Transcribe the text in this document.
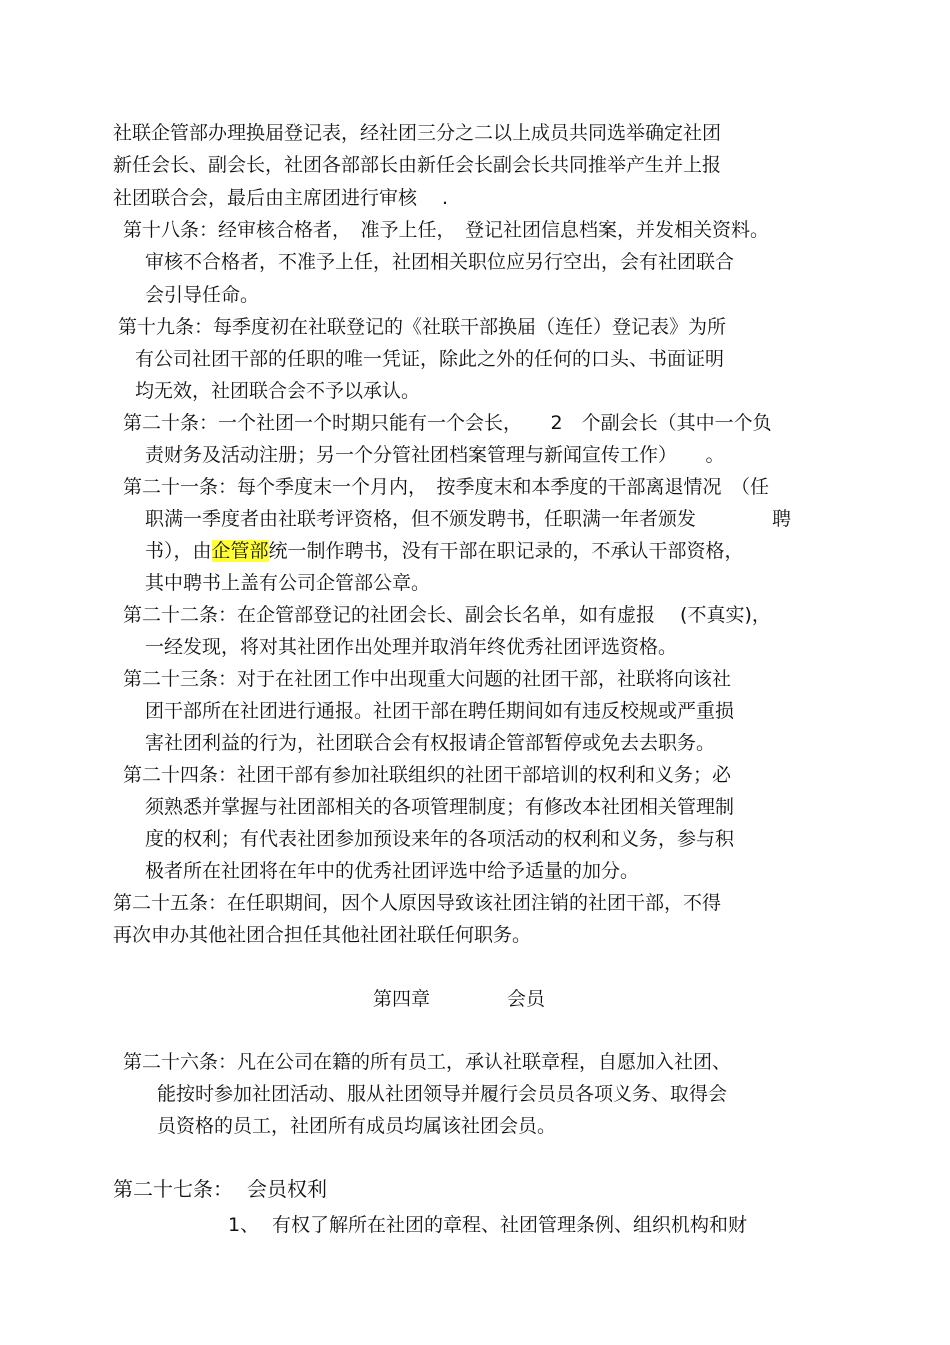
社联企管部办理换届登记表，经社团三分之二以上成员共同选举确定社团
新任会长、副会长，社团各部部长由新任会长副会长共同推举产生并上报
社团联合会，最后由主席团进行审核　 .
第十八条：经审核合格者，　准予上任，　登记社团信息档案，并发相关资料。
审核不合格者，不准予上任，社团相关职位应另行空出，会有社团联合
会引导任命。
第十九条：每季度初在社联登记的《社联干部换届（连任）登记表》为所
有公司社团干部的任职的唯一凭证，除此之外的任何的口头、书面证明
均无效，社团联合会不予以承认。
第二十条：一个社团一个时期只能有一个会长，　　2　个副会长（其中一个负
责财务及活动注册；另一个分管社团档案管理与新闻宣传工作）　　。
第二十一条：每个季度末一个月内，　按季度末和本季度的干部离退情况　（任
职满一季度者由社联考评资格，但不颁发聘书，任职满一年者颁发　　　　聘
书），由企管部统一制作聘书，没有干部在职记录的，不承认干部资格，
其中聘书上盖有公司企管部公章。
第二十二条：在企管部登记的社团会长、副会长名单，如有虚报　 (不真实)，
一经发现，将对其社团作出处理并取消年终优秀社团评选资格。
第二十三条：对于在社团工作中出现重大问题的社团干部，社联将向该社
团干部所在社团进行通报。社团干部在聘任期间如有违反校规或严重损
害社团利益的行为，社团联合会有权报请企管部暂停或免去去职务。
第二十四条：社团干部有参加社联组织的社团干部培训的权利和义务；必
须熟悉并掌握与社团部相关的各项管理制度；有修改本社团相关管理制
度的权利；有代表社团参加预设来年的各项活动的权利和义务，参与积
极者所在社团将在年中的优秀社团评选中给予适量的加分。
第二十五条：在任职期间，因个人原因导致该社团注销的社团干部，不得
再次申办其他社团合担任其他社团社联任何职务。
第四章	会员
第二十六条：凡在公司在籍的所有员工，承认社联章程，自愿加入社团、
能按时参加社团活动、服从社团领导并履行会员员各项义务、取得会
员资格的员工，社团所有成员均属该社团会员。
第二十七条： 会员权利
1、 有权了解所在社团的章程、社团管理条例、组织机构和财
